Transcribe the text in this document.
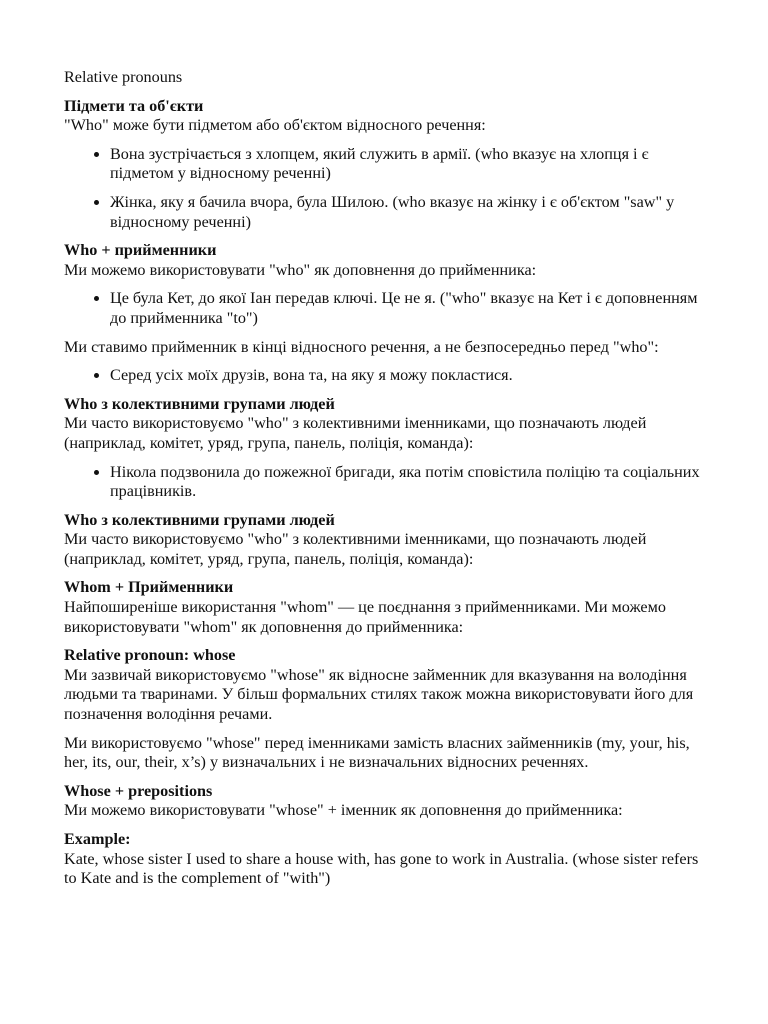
Relative pronouns
Підмети та об'єкти
"Who" може бути підметом або об'єктом відносного речення:
• Вона зустрічається з хлопцем, який служить в армії. (who вказує на хлопця і є підметом у відносному реченні)
• Жінка, яку я бачила вчора, була Шилою. (who вказує на жінку і є об'єктом "saw" у відносному реченні)
Who + прийменники
Ми можемо використовувати "who" як доповнення до прийменника:
• Це була Кет, до якої Іан передав ключі. Це не я. ("who" вказує на Кет і є доповненням до прийменника "to")
Ми ставимо прийменник в кінці відносного речення, а не безпосередньо перед "who":
• Серед усіх моїх друзів, вона та, на яку я можу покластися.
Who з колективними групами людей
Ми часто використовуємо "who" з колективними іменниками, що позначають людей (наприклад, комітет, уряд, група, панель, поліція, команда):
• Нікола подзвонила до пожежної бригади, яка потім сповістила поліцію та соціальних працівників.
Who з колективними групами людей
Ми часто використовуємо "who" з колективними іменниками, що позначають людей (наприклад, комітет, уряд, група, панель, поліція, команда):
Whom + Прийменники
Найпоширеніше використання "whom" — це поєднання з прийменниками. Ми можемо використовувати "whom" як доповнення до прийменника:
Relative pronoun: whose
Ми зазвичай використовуємо "whose" як відносне займенник для вказування на володіння людьми та тваринами. У більш формальних стилях також можна використовувати його для позначення володіння речами.
Ми використовуємо "whose" перед іменниками замість власних займенників (my, your, his, her, its, our, their, x’s) у визначальних і не визначальних відносних реченнях.
Whose + prepositions
Ми можемо використовувати "whose" + іменник як доповнення до прийменника:
Example:
Kate, whose sister I used to share a house with, has gone to work in Australia. (whose sister refers to Kate and is the complement of "with")
